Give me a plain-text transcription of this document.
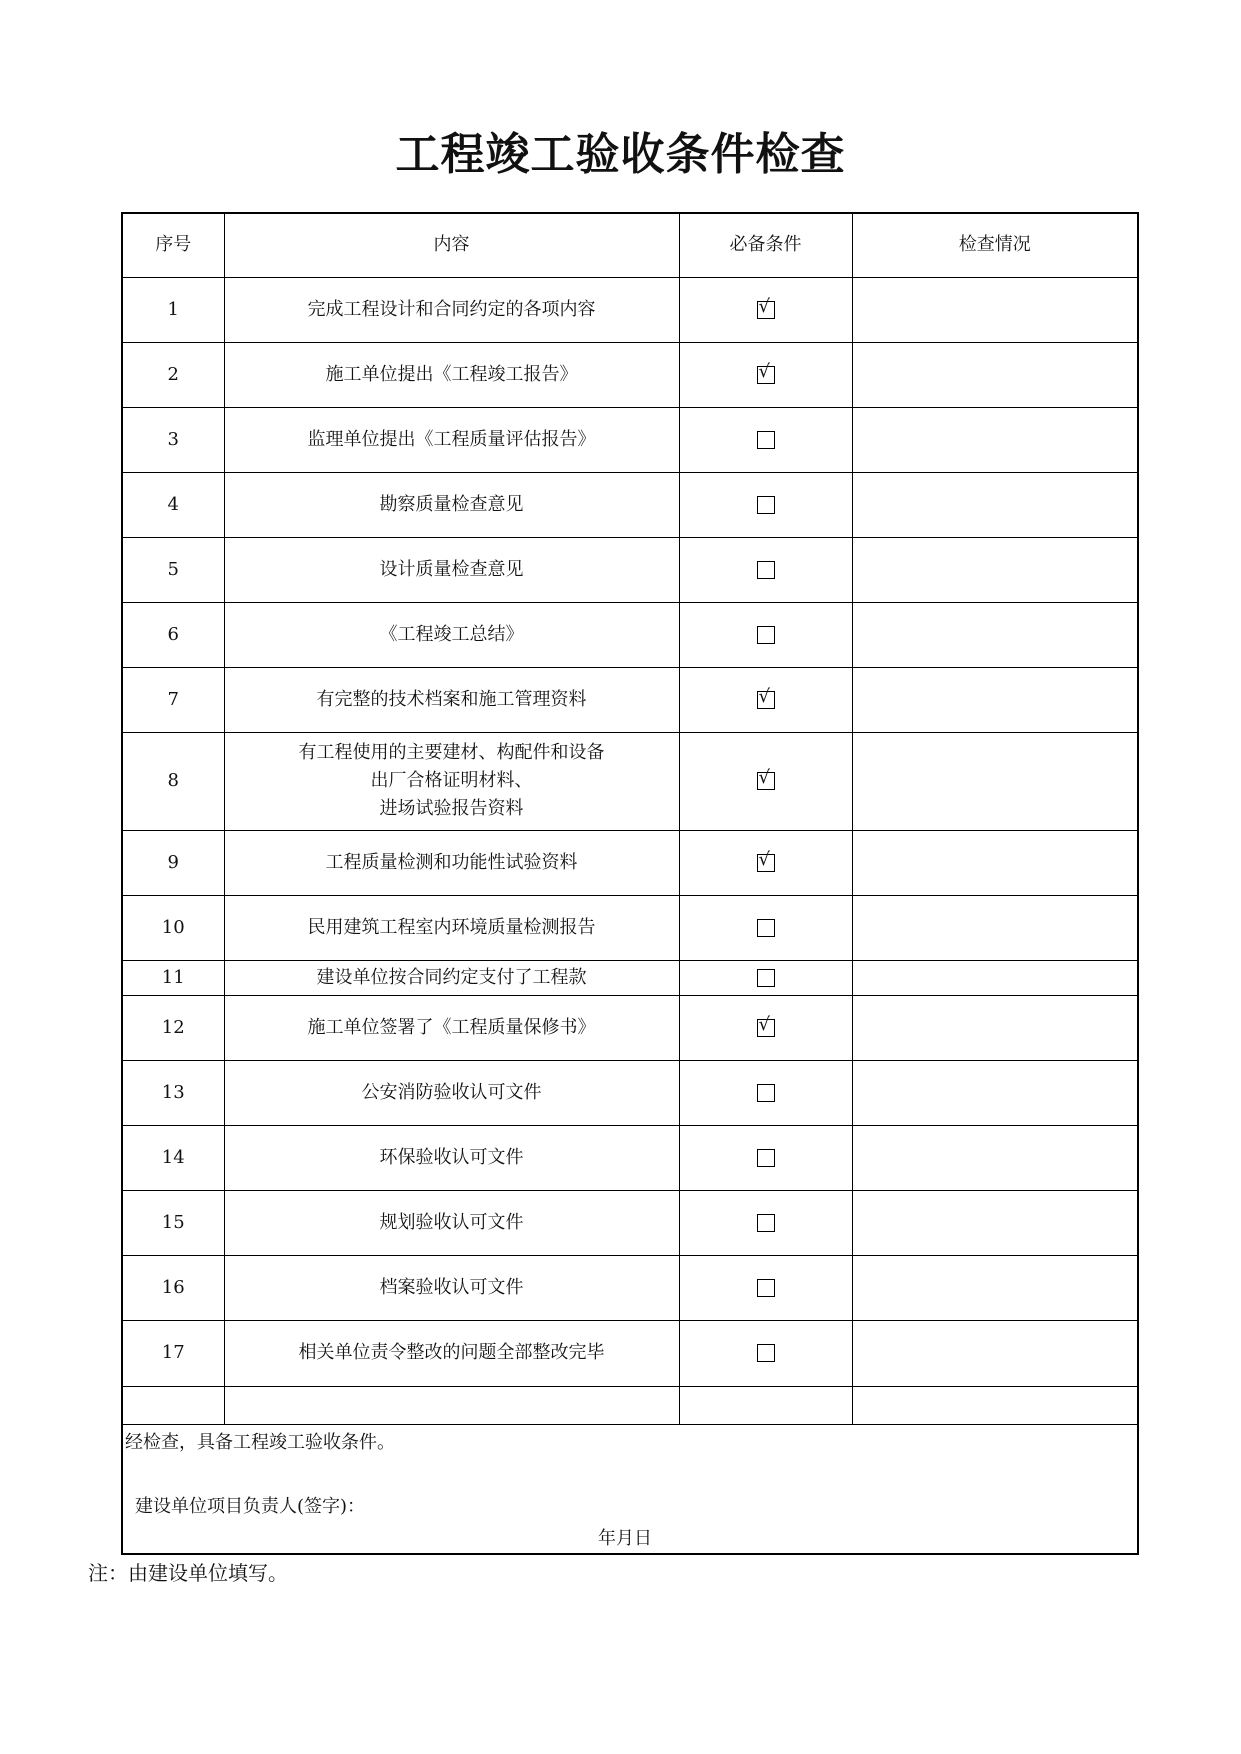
工程竣工验收条件检查
序号	内容	必备条件	检查情况
1	完成工程设计和合同约定的各项内容	√	

2	施工单位提出《工程竣工报告》	√	

3	监理单位提出《工程质量评估报告》	

4	勘察质量检查意见	

5	设计质量检查意见	

6	《工程竣工总结》	

7	有完整的技术档案和施工管理资料	√	

8	有工程使用的主要建材、构配件和设备
出厂合格证明材料、
进场试验报告资料	√	

9	工程质量检测和功能性试验资料	√	

10	民用建筑工程室内环境质量检测报告	

11	建设单位按合同约定支付了工程款	

12	施工单位签署了《工程质量保修书》	√	

13	公安消防验收认可文件	

14	环保验收认可文件	

15	规划验收认可文件	

16	档案验收认可文件	

17	相关单位责令整改的问题全部整改完毕	

经检查，具备工程竣工验收条件。
建设单位项目负责人(签字)：
年月日			
注：由建设单位填写。
